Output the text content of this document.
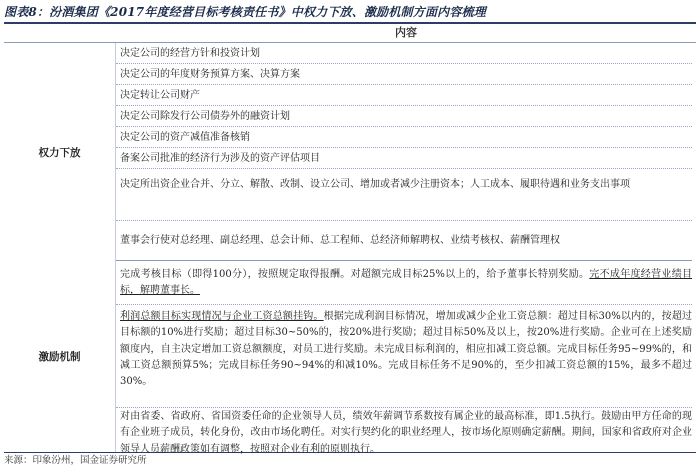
图表8：汾酒集团《2017年度经营目标考核责任书》中权力下放、激励机制方面内容梳理
内容
权力下放
决定公司的经营方针和投资计划
决定公司的年度财务预算方案、决算方案
决定转让公司财产
决定公司除发行公司债券外的融资计划
决定公司的资产减值准备核销
备案公司批准的经济行为涉及的资产评估项目
决定所出资企业合并、分立、解散、改制、设立公司、增加或者减少注册资本；人工成本、履职待遇和业务支出事项
董事会行使对总经理、副总经理、总会计师、总工程师、总经济师解聘权、业绩考核权、薪酬管理权
激励机制
完成考核目标（即得100分），按照规定取得报酬。对超额完成目标25%以上的，给予董事长特别奖励。完不成年度经营业绩目标，解聘董事长。
利润总额目标实现情况与企业工资总额挂钩。根据完成利润目标情况，增加或减少企业工资总额：超过目标30%以内的，按超过目标额的10%进行奖励；超过目标30~50%的，按20%进行奖励；超过目标50%及以上，按20%进行奖励。企业可在上述奖励额度内，自主决定增加工资总额额度，对员工进行奖励。未完成目标利润的，相应扣减工资总额。完成目标任务95~99%的，和减工资总额预算5%；完成目标任务90~94%的和减10%。完成目标任务不足90%的，至少扣减工资总额的15%，最多不超过30%。
对由省委、省政府、省国资委任命的企业领导人员，绩效年薪调节系数按有属企业的最高标准，即1.5执行。鼓励由甲方任命的现有企业班子成员，转化身份，改由市场化聘任。对实行契约化的职业经理人，按市场化原则确定薪酬。期间，国家和省政府对企业领导人员薪酬政策如有调整，按照对企业有利的原则执行。
来源：印象汾州，国金证券研究所
